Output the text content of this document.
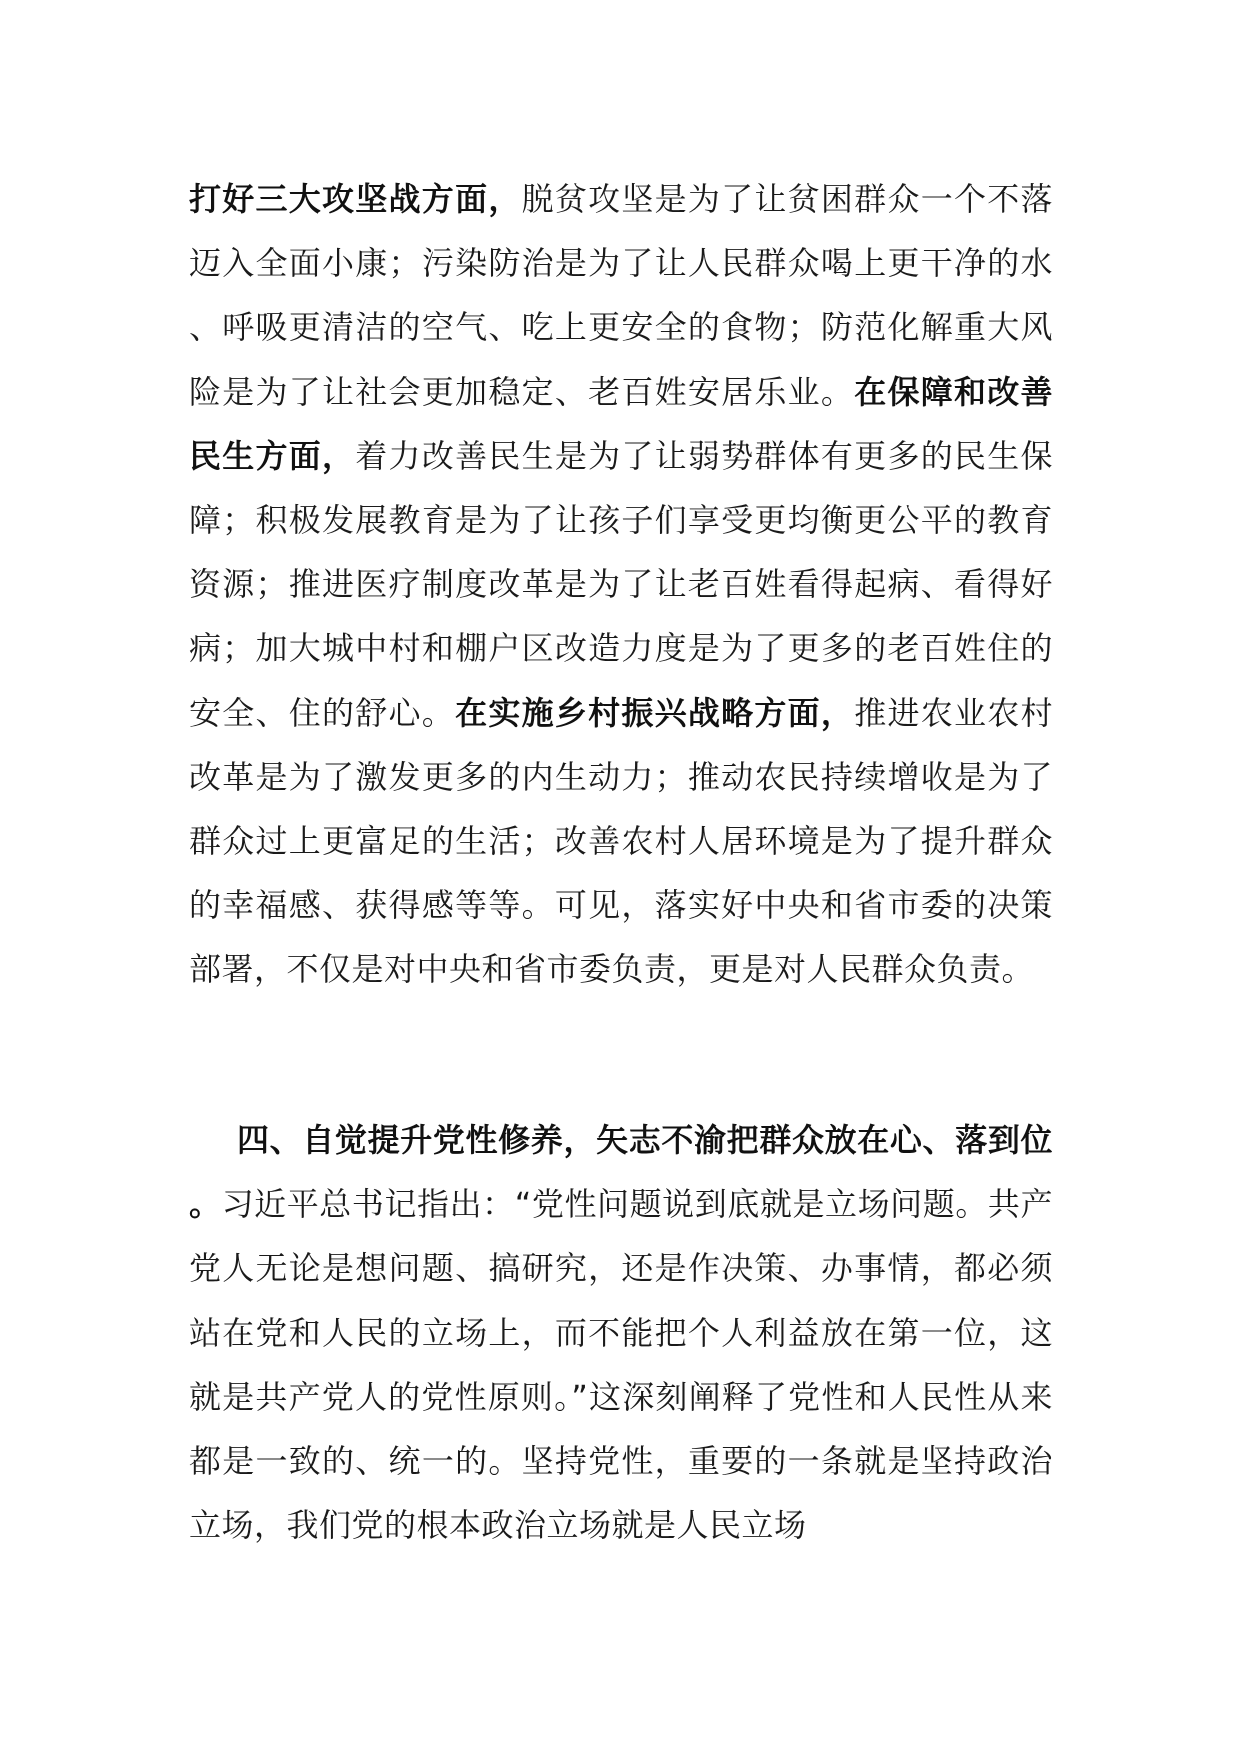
打好三大攻坚战方面，脱贫攻坚是为了让贫困群众一个不落迈入全面小康；污染防治是为了让人民群众喝上更干净的水、呼吸更清洁的空气、吃上更安全的食物；防范化解重大风险是为了让社会更加稳定、老百姓安居乐业。在保障和改善民生方面，着力改善民生是为了让弱势群体有更多的民生保障；积极发展教育是为了让孩子们享受更均衡更公平的教育资源；推进医疗制度改革是为了让老百姓看得起病、看得好病；加大城中村和棚户区改造力度是为了更多的老百姓住的安全、住的舒心。在实施乡村振兴战略方面，推进农业农村改革是为了激发更多的内生动力；推动农民持续增收是为了群众过上更富足的生活；改善农村人居环境是为了提升群众的幸福感、获得感等等。可见，落实好中央和省市委的决策部署，不仅是对中央和省市委负责，更是对人民群众负责。

四、自觉提升党性修养，矢志不渝把群众放在心、落到位。习近平总书记指出：“党性问题说到底就是立场问题。共产党人无论是想问题、搞研究，还是作决策、办事情，都必须站在党和人民的立场上，而不能把个人利益放在第一位，这就是共产党人的党性原则。”这深刻阐释了党性和人民性从来都是一致的、统一的。坚持党性，重要的一条就是坚持政治立场，我们党的根本政治立场就是人民立场
